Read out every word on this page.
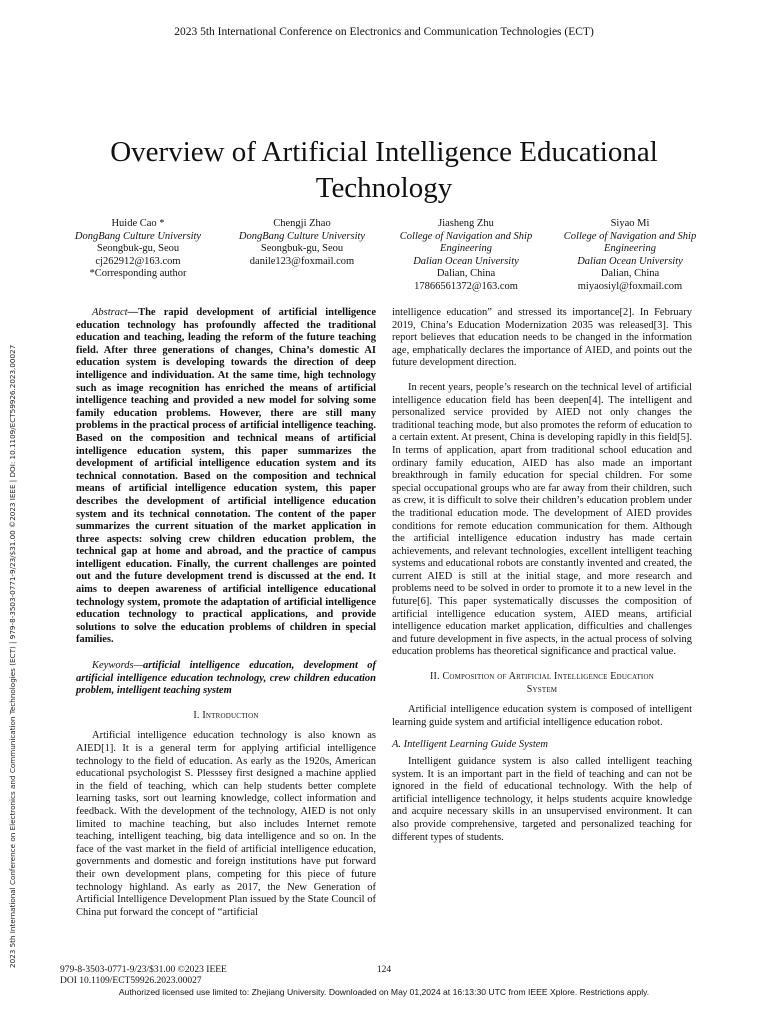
2023 5th International Conference on Electronics and Communication Technologies (ECT)
2023 5th International Conference on Electronics and Communication Technologies (ECT) | 979-8-3503-0771-9/23/$31.00 ©2023 IEEE | DOI: 10.1109/ECT59926.2023.00027
Overview of Artificial Intelligence Educational
Technology
Huide Cao *
DongBang Culture University
Seongbuk-gu, Seou
cj262912@163.com
*Corresponding author
Chengji Zhao
DongBang Culture University
Seongbuk-gu, Seou
danile123@foxmail.com
Jiasheng Zhu
College of Navigation and Ship
Engineering
Dalian Ocean University
Dalian, China
17866561372@163.com
Siyao Mi
College of Navigation and Ship
Engineering
Dalian Ocean University
Dalian, China
miyaosiyl@foxmail.com

Abstract—The rapid development of artificial intelligence education technology has profoundly affected the traditional education and teaching, leading the reform of the future teaching field. After three generations of changes, China’s domestic AI education system is developing towards the direction of deep intelligence and individuation. At the same time, high technology such as image recognition has enriched the means of artificial intelligence teaching and provided a new model for solving some family education problems. However, there are still many problems in the practical process of artificial intelligence teaching. Based on the composition and technical means of artificial intelligence education system, this paper summarizes the development of artificial intelligence education system and its technical connotation. Based on the composition and technical means of artificial intelligence education system, this paper describes the development of artificial intelligence education system and its technical connotation. The content of the paper summarizes the current situation of the market application in three aspects: solving crew children education problem, the technical gap at home and abroad, and the practice of campus intelligent education. Finally, the current challenges are pointed out and the future development trend is discussed at the end. It aims to deepen awareness of artificial intelligence educational technology system, promote the adaptation of artificial intelligence education technology to practical applications, and provide solutions to solve the education problems of children in special families.

Keywords—artificial intelligence education, development of artificial intelligence education technology, crew children education problem, intelligent teaching system

I. Introduction

Artificial intelligence education technology is also known as AIED[1]. It is a general term for applying artificial intelligence technology to the field of education. As early as the 1920s, American educational psychologist S. Plesssey first designed a machine applied in the field of teaching, which can help students better complete learning tasks, sort out learning knowledge, collect information and feedback. With the development of the technology, AIED is not only limited to machine teaching, but also includes Internet remote teaching, intelligent teaching, big data intelligence and so on. In the face of the vast market in the field of artificial intelligence education, governments and domestic and foreign institutions have put forward their own development plans, competing for this piece of future technology highland. As early as 2017, the New Generation of Artificial Intelligence Development Plan issued by the State Council of China put forward the concept of “artificial

intelligence education” and stressed its importance[2]. In February 2019, China’s Education Modernization 2035 was released[3]. This report believes that education needs to be changed in the information age, emphatically declares the importance of AIED, and points out the future development direction.

In recent years, people’s research on the technical level of artificial intelligence education field has been deepen[4]. The intelligent and personalized service provided by AIED not only changes the traditional teaching mode, but also promotes the reform of education to a certain extent. At present, China is developing rapidly in this field[5]. In terms of application, apart from traditional school education and ordinary family education, AIED has also made an important breakthrough in family education for special children. For some special occupational groups who are far away from their children, such as crew, it is difficult to solve their children’s education problem under the traditional education mode. The development of AIED provides conditions for remote education communication for them. Although the artificial intelligence education industry has made certain achievements, and relevant technologies, excellent intelligent teaching systems and educational robots are constantly invented and created, the current AIED is still at the initial stage, and more research and problems need to be solved in order to promote it to a new level in the future[6]. This paper systematically discusses the composition of artificial intelligence education system, AIED means, artificial intelligence education market application, difficulties and challenges and future development in five aspects, in the actual process of solving education problems has theoretical significance and practical value.

II. Composition of Artificial Intelligence Education
System

Artificial intelligence education system is composed of intelligent learning guide system and artificial intelligence education robot.

A. Intelligent Learning Guide System

Intelligent guidance system is also called intelligent teaching system. It is an important part in the field of teaching and can not be ignored in the field of educational technology. With the help of artificial intelligence technology, it helps students acquire knowledge and acquire necessary skills in an unsupervised environment. It can also provide comprehensive, targeted and personalized teaching for different types of students.

979-8-3503-0771-9/23/$31.00 ©2023 IEEE
DOI 10.1109/ECT59926.2023.00027
124
Authorized licensed use limited to: Zhejiang University. Downloaded on May 01,2024 at 16:13:30 UTC from IEEE Xplore. Restrictions apply.
